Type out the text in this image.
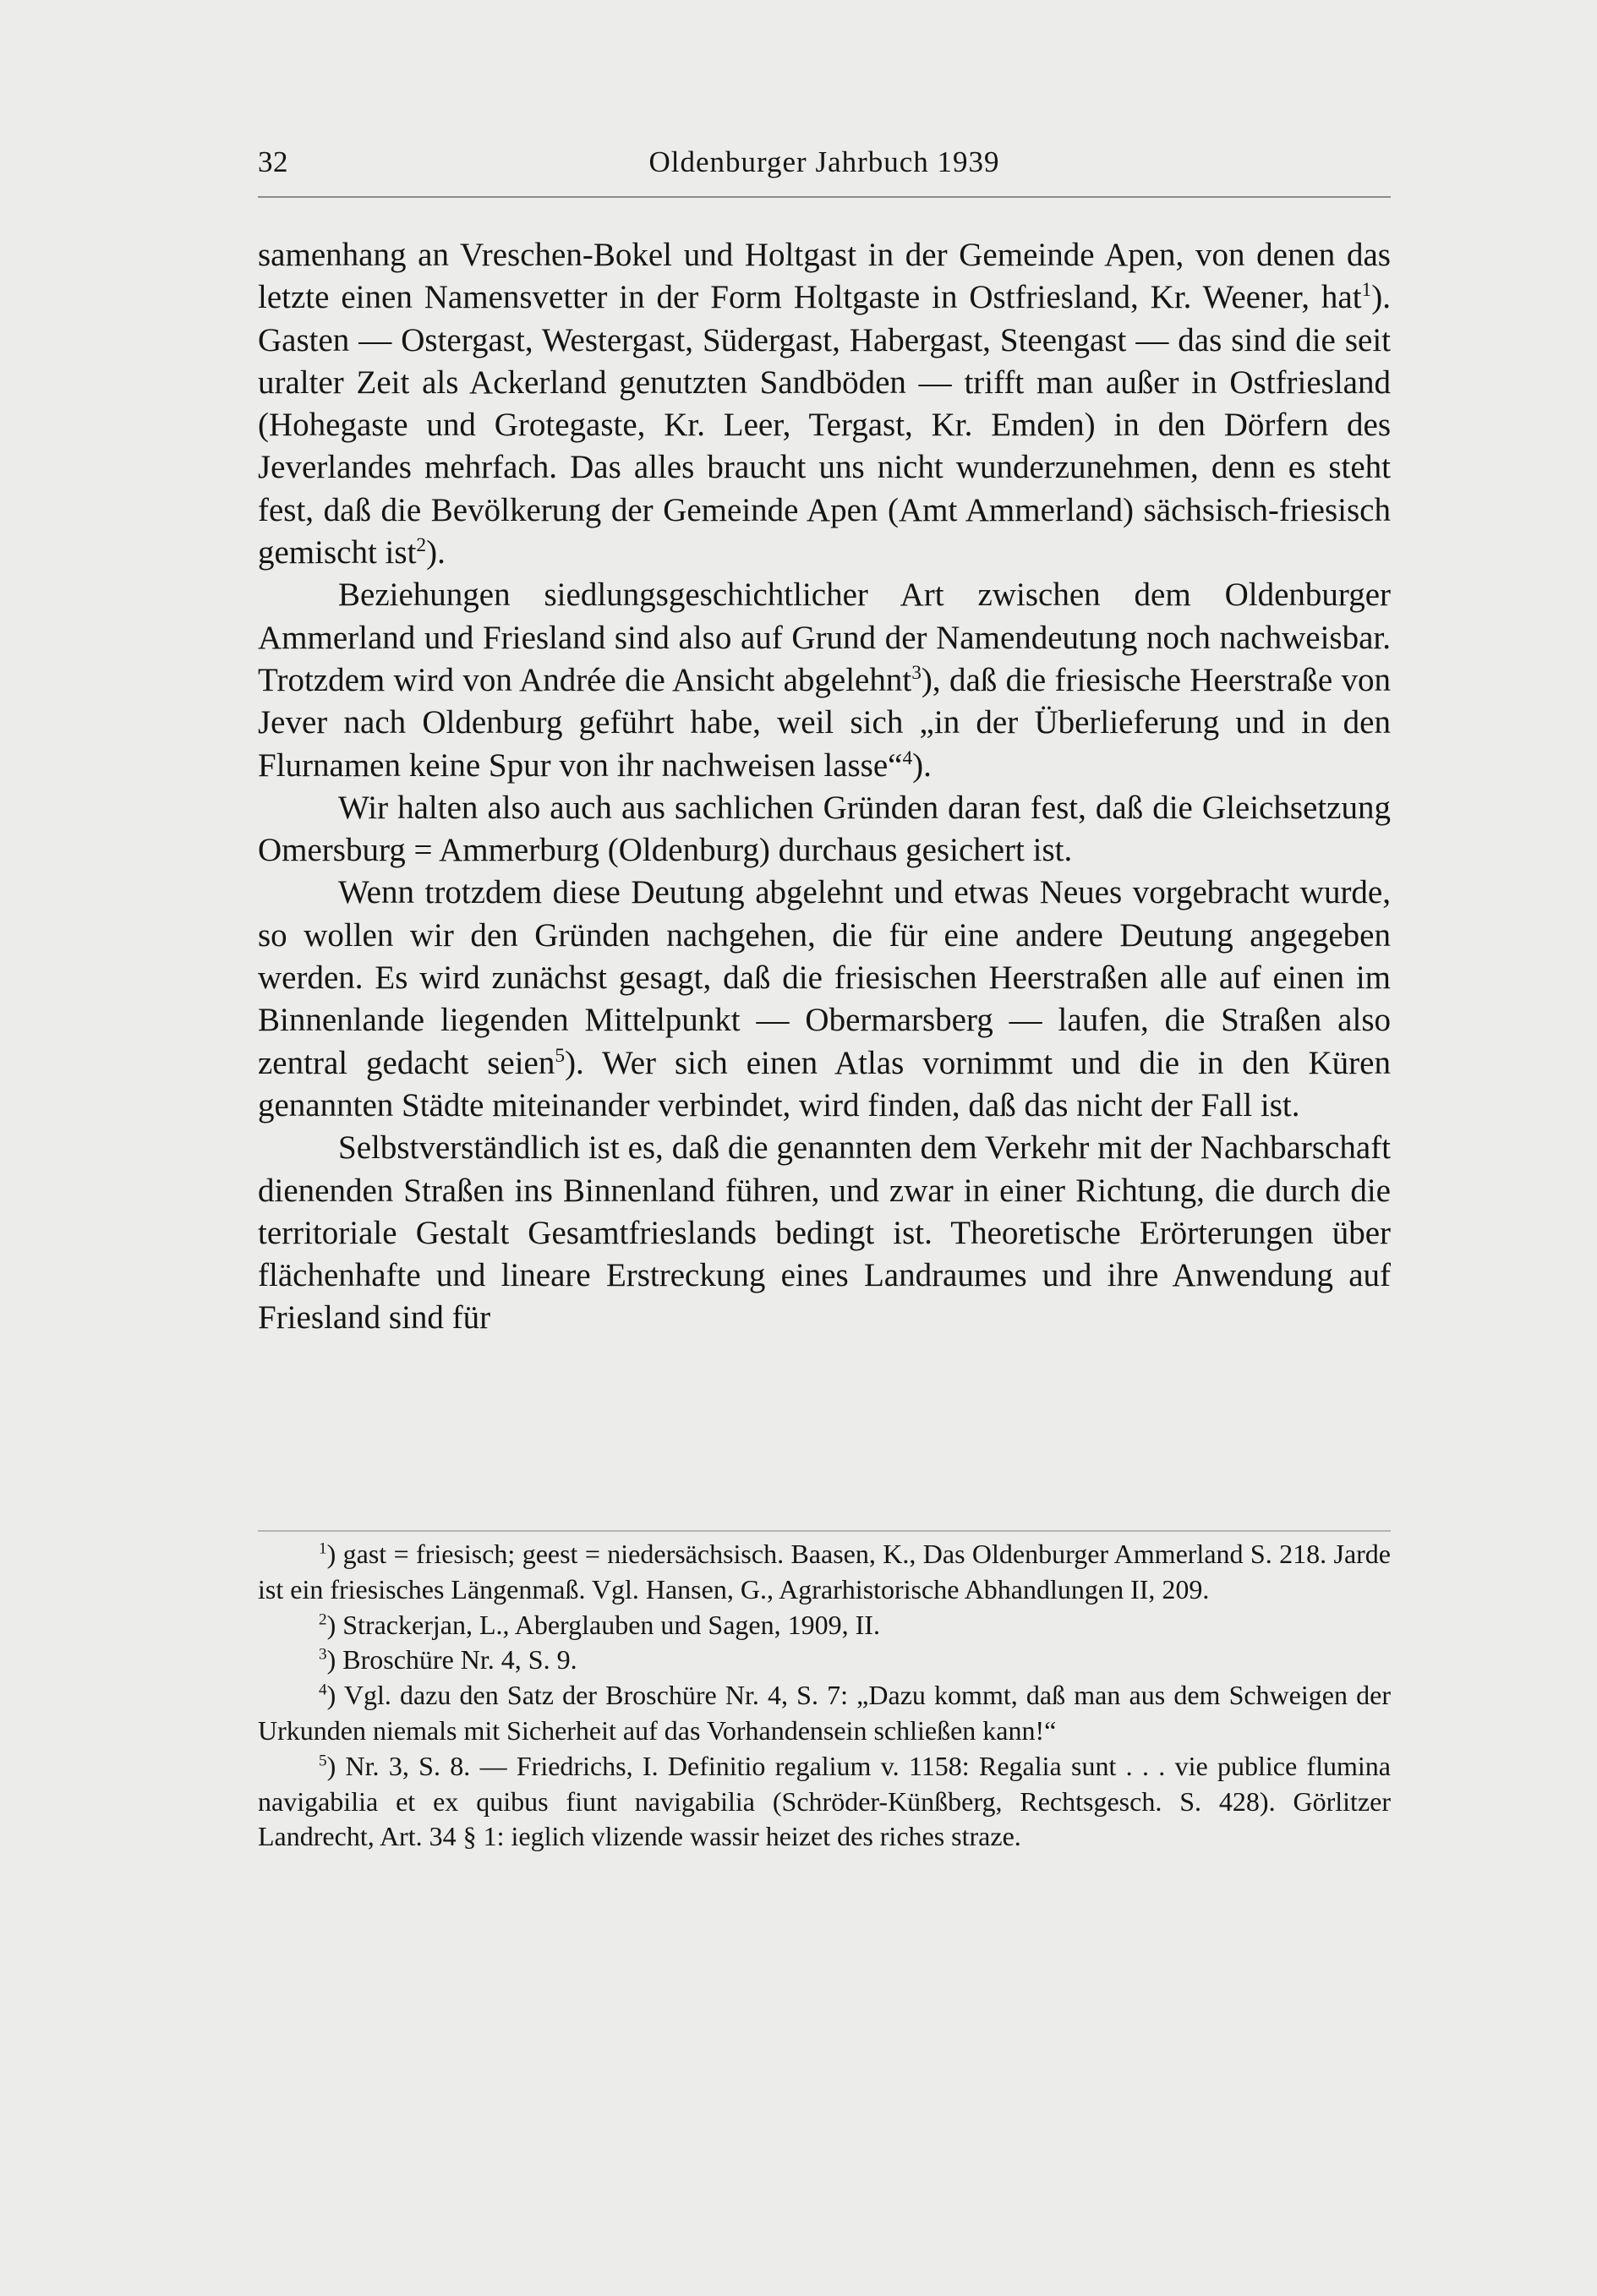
32	Oldenburger Jahrbuch 1939

samenhang an Vreschen-Bokel und Holtgast in der Gemeinde Apen, von denen das letzte einen Namensvetter in der Form Holtgaste in Ostfriesland, Kr. Weener, hat$^1$). Gasten — Ostergast, Westergast, Südergast, Habergast, Steengast — das sind die seit uralter Zeit als Ackerland genutzten Sandböden — trifft man außer in Ostfriesland (Hohegaste und Grotegaste, Kr. Leer, Tergast, Kr. Emden) in den Dörfern des Jeverlandes mehrfach. Das alles braucht uns nicht wunderzunehmen, denn es steht fest, daß die Bevölkerung der Gemeinde Apen (Amt Ammerland) sächsisch-friesisch gemischt ist$^2$).

Beziehungen siedlungsgeschichtlicher Art zwischen dem Oldenburger Ammerland und Friesland sind also auf Grund der Namendeutung noch nachweisbar. Trotzdem wird von Andrée die Ansicht abgelehnt$^3$), daß die friesische Heerstraße von Jever nach Oldenburg geführt habe, weil sich „in der Überlieferung und in den Flurnamen keine Spur von ihr nachweisen lasse“$^4$).

Wir halten also auch aus sachlichen Gründen daran fest, daß die Gleichsetzung Omersburg = Ammerburg (Oldenburg) durchaus gesichert ist.

Wenn trotzdem diese Deutung abgelehnt und etwas Neues vorgebracht wurde, so wollen wir den Gründen nachgehen, die für eine andere Deutung angegeben werden. Es wird zunächst gesagt, daß die friesischen Heerstraßen alle auf einen im Binnenlande liegenden Mittelpunkt — Obermarsberg — laufen, die Straßen also zentral gedacht seien$^5$). Wer sich einen Atlas vornimmt und die in den Küren genannten Städte miteinander verbindet, wird finden, daß das nicht der Fall ist.

Selbstverständlich ist es, daß die genannten dem Verkehr mit der Nachbarschaft dienenden Straßen ins Binnenland führen, und zwar in einer Richtung, die durch die territoriale Gestalt Gesamtfrieslands bedingt ist. Theoretische Erörterungen über flächenhafte und lineare Erstreckung eines Landraumes und ihre Anwendung auf Friesland sind für

$^1$) gast = friesisch; geest = niedersächsisch. Baasen, K., Das Oldenburger Ammerland S. 218. Jarde ist ein friesisches Längenmaß. Vgl. Hansen, G., Agrarhistorische Abhandlungen II, 209.

$^2$) Strackerjan, L., Aberglauben und Sagen, 1909, II.

$^3$) Broschüre Nr. 4, S. 9.

$^4$) Vgl. dazu den Satz der Broschüre Nr. 4, S. 7: „Dazu kommt, daß man aus dem Schweigen der Urkunden niemals mit Sicherheit auf das Vorhandensein schließen kann!“

$^5$) Nr. 3, S. 8. — Friedrichs, I. Definitio regalium v. 1158: Regalia sunt . . . vie publice flumina navigabilia et ex quibus fiunt navigabilia (Schröder-Künßberg, Rechtsgesch. S. 428). Görlitzer Landrecht, Art. 34 § 1: ieglich vlizende wassir heizet des riches straze.
